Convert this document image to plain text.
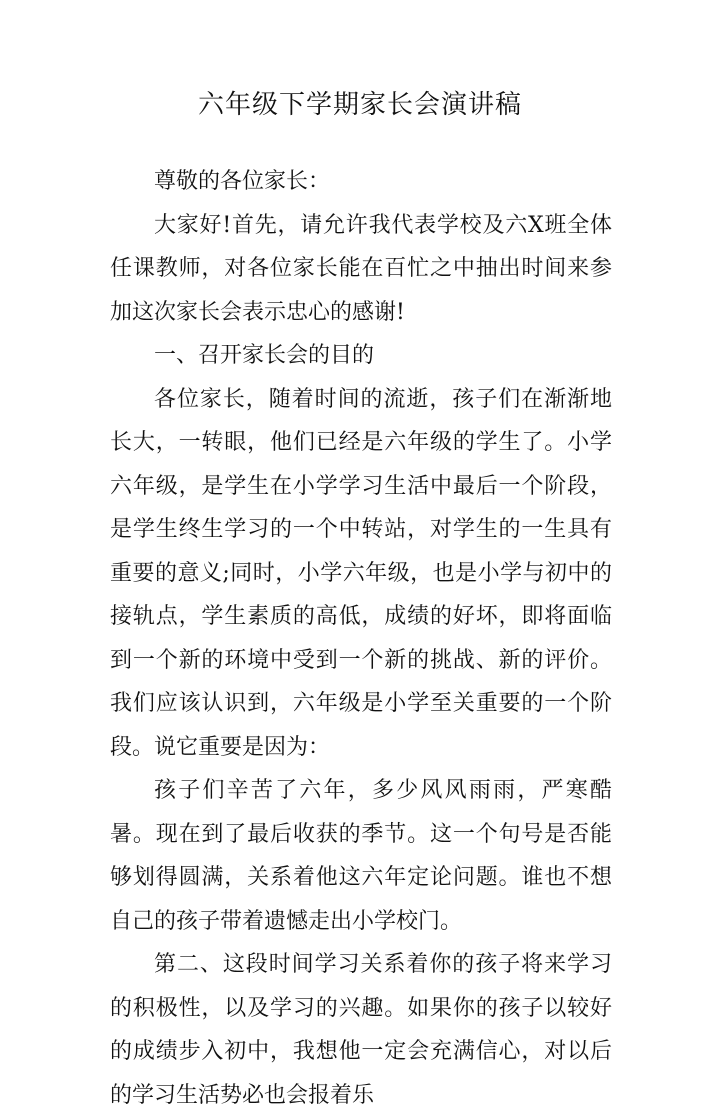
六年级下学期家长会演讲稿

尊敬的各位家长：

大家好!首先，请允许我代表学校及六Ⅹ班全体任课教师，对各位家长能在百忙之中抽出时间来参加这次家长会表示忠心的感谢!

一、召开家长会的目的

各位家长，随着时间的流逝，孩子们在渐渐地长大，一转眼，他们已经是六年级的学生了。小学六年级，是学生在小学学习生活中最后一个阶段，是学生终生学习的一个中转站，对学生的一生具有重要的意义;同时，小学六年级，也是小学与初中的接轨点，学生素质的高低，成绩的好坏，即将面临到一个新的环境中受到一个新的挑战、新的评价。我们应该认识到，六年级是小学至关重要的一个阶段。说它重要是因为：

孩子们辛苦了六年，多少风风雨雨，严寒酷暑。现在到了最后收获的季节。这一个句号是否能够划得圆满，关系着他这六年定论问题。谁也不想自己的孩子带着遗憾走出小学校门。

第二、这段时间学习关系着你的孩子将来学习的积极性，以及学习的兴趣。如果你的孩子以较好的成绩步入初中，我想他一定会充满信心，对以后的学习生活势必也会报着乐
